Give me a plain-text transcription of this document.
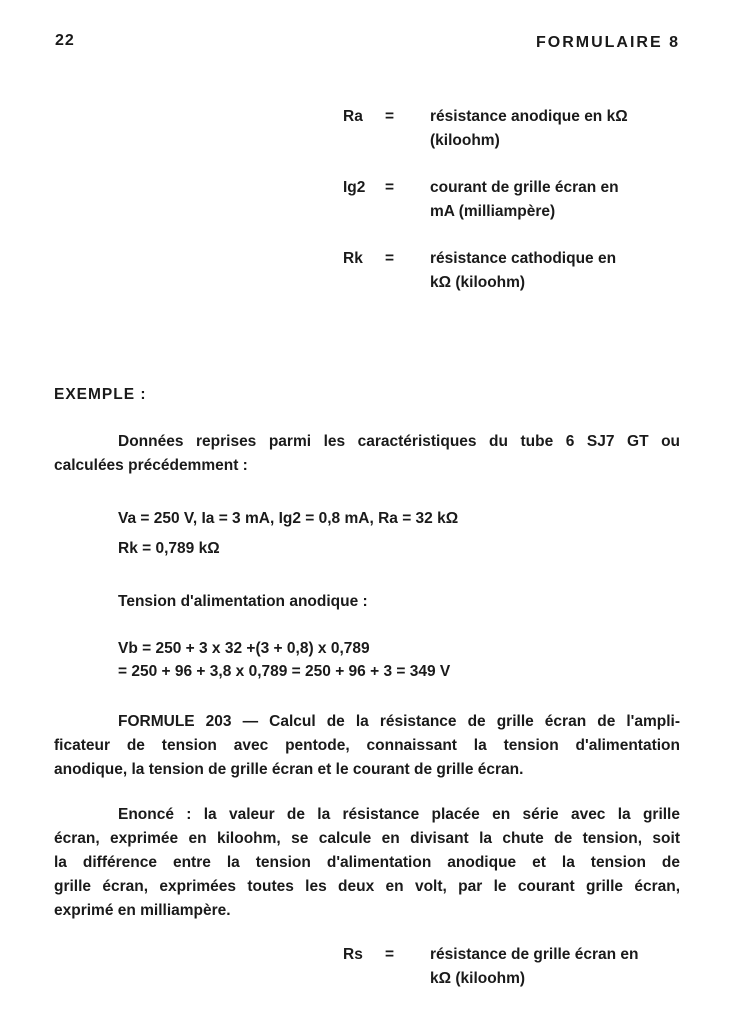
22	FORMULAIRE 8
Ra	=	résistance anodique en kΩ
(kiloohm)
Ig2	=	courant de grille écran en
mA (milliampère)
Rk	=	résistance cathodique en
kΩ (kiloohm)
EXEMPLE :
Données reprises parmi les caractéristiques du tube 6 SJ7 GT ou
calculées précédemment :
Va = 250 V, Ia = 3 mA, Ig2 = 0,8 mA, Ra = 32 kΩ
Rk = 0,789 kΩ
Tension d'alimentation anodique :
Vb = 250 + 3 x 32 +(3 + 0,8) x 0,789
= 250 + 96 + 3,8 x 0,789 = 250 + 96 + 3 = 349 V
FORMULE 203 — Calcul de la résistance de grille écran de l'ampli-
ficateur de tension avec pentode, connaissant la tension d'alimentation
anodique, la tension de grille écran et le courant de grille écran.
Enoncé : la valeur de la résistance placée en série avec la grille
écran, exprimée en kiloohm, se calcule en divisant la chute de tension, soit
la différence entre la tension d'alimentation anodique et la tension de
grille écran, exprimées toutes les deux en volt, par le courant grille écran,
exprimé en milliampère.
Rs	=	résistance de grille écran en
kΩ (kiloohm)
